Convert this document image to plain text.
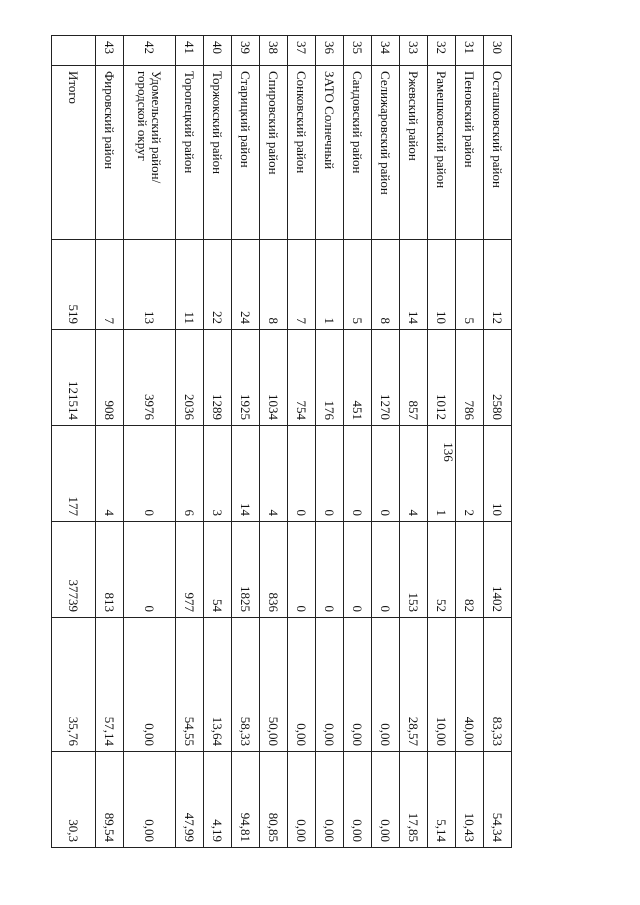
136
30	Осташковский район	12	2580	10	1402	83,33	54,34
31	Пеновский район	5	786	2	82	40,00	10,43
32	Рамешковский район	10	1012	1	52	10,00	5,14
33	Ржевский район	14	857	4	153	28,57	17,85
34	Селижаровский район	8	1270	0	0	0,00	0,00
35	Сандовский район	5	451	0	0	0,00	0,00
36	ЗАТО Солнечный	1	176	0	0	0,00	0,00
37	Сонковский район	7	754	0	0	0,00	0,00
38	Спировский район	8	1034	4	836	50,00	80,85
39	Старицкий район	24	1925	14	1825	58,33	94,81
40	Торжокский район	22	1289	3	54	13,64	4,19
41	Торопецкий район	11	2036	6	977	54,55	47,99
42	Удомельский район/городской округ	13	3976	0	0	0,00	0,00
43	Фировский район	7	908	4	813	57,14	89,54
	Итого	519	121514	177	37739	35,76	30,3
